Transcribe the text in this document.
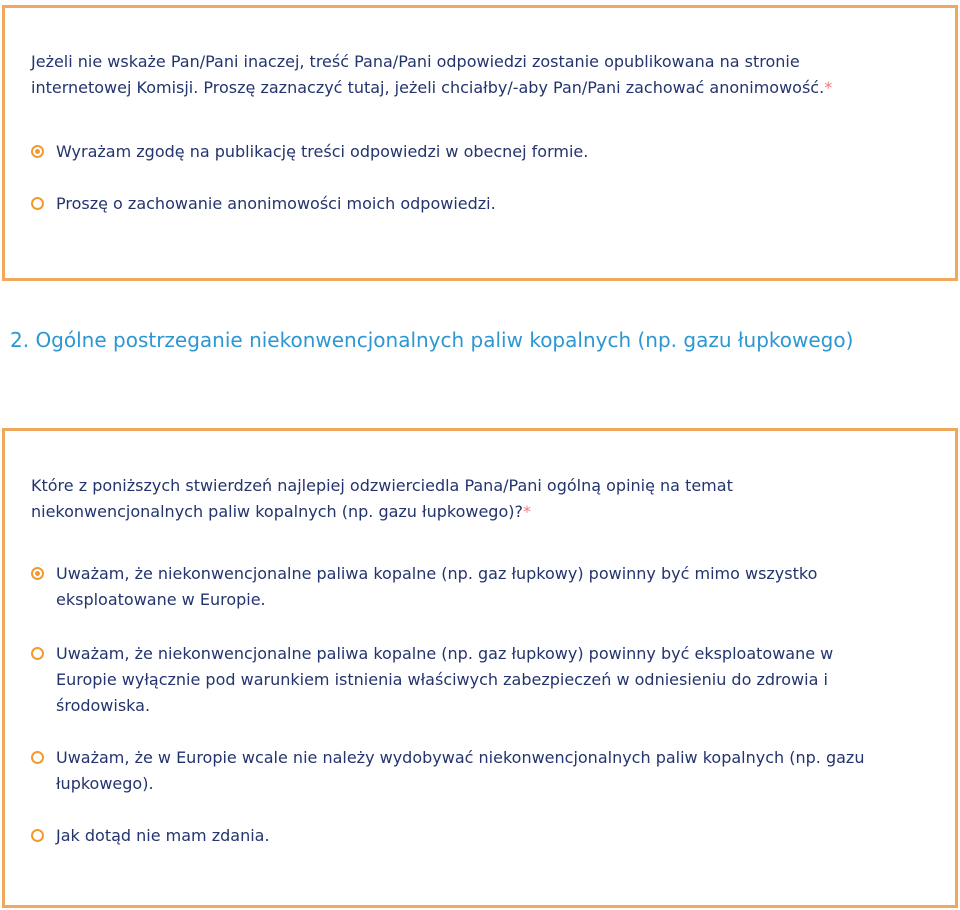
Jeżeli nie wskaże Pan/Pani inaczej, treść Pana/Pani odpowiedzi zostanie opublikowana na stronie internetowej Komisji. Proszę zaznaczyć tutaj, jeżeli chciałby/-aby Pan/Pani zachować anonimowość.*

Wyrażam zgodę na publikację treści odpowiedzi w obecnej formie.
Proszę o zachowanie anonimowości moich odpowiedzi.
2. Ogólne postrzeganie niekonwencjonalnych paliw kopalnych (np. gazu łupkowego)

Które z poniższych stwierdzeń najlepiej odzwierciedla Pana/Pani ogólną opinię na temat niekonwencjonalnych paliw kopalnych (np. gazu łupkowego)?*

Uważam, że niekonwencjonalne paliwa kopalne (np. gaz łupkowy) powinny być mimo wszystko eksploatowane w Europie.
Uważam, że niekonwencjonalne paliwa kopalne (np. gaz łupkowy) powinny być eksploatowane w Europie wyłącznie pod warunkiem istnienia właściwych zabezpieczeń w odniesieniu do zdrowia i środowiska.
Uważam, że w Europie wcale nie należy wydobywać niekonwencjonalnych paliw kopalnych (np. gazu łupkowego).
Jak dotąd nie mam zdania.
